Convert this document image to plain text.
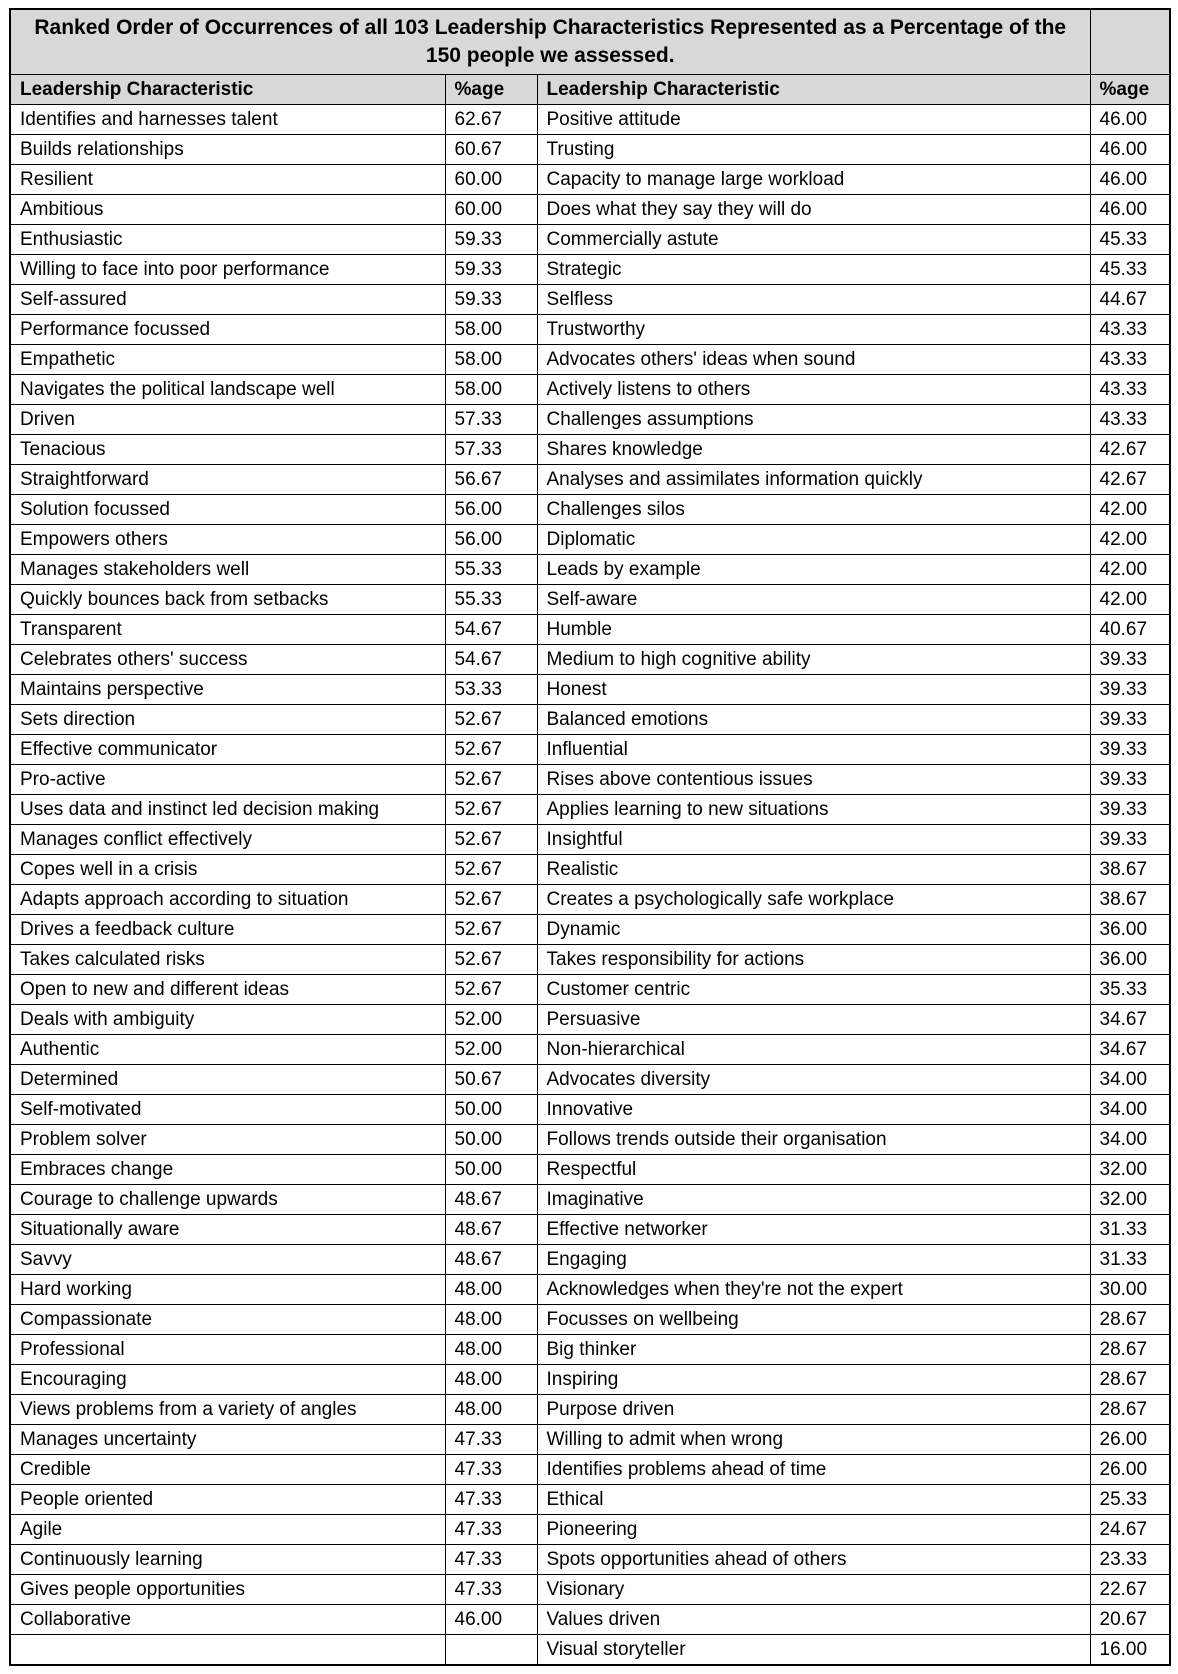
Ranked Order of Occurrences of all 103 Leadership Characteristics Represented as a Percentage of the 150 people we assessed.			
Leadership Characteristic	%age	Leadership Characteristic	%age
Identifies and harnesses talent	62.67	Positive attitude	46.00
Builds relationships	60.67	Trusting	46.00
Resilient	60.00	Capacity to manage large workload	46.00
Ambitious	60.00	Does what they say they will do	46.00
Enthusiastic	59.33	Commercially astute	45.33
Willing to face into poor performance	59.33	Strategic	45.33
Self-assured	59.33	Selfless	44.67
Performance focussed	58.00	Trustworthy	43.33
Empathetic	58.00	Advocates others' ideas when sound	43.33
Navigates the political landscape well	58.00	Actively listens to others	43.33
Driven	57.33	Challenges assumptions	43.33
Tenacious	57.33	Shares knowledge	42.67
Straightforward	56.67	Analyses and assimilates information quickly	42.67
Solution focussed	56.00	Challenges silos	42.00
Empowers others	56.00	Diplomatic	42.00
Manages stakeholders well	55.33	Leads by example	42.00
Quickly bounces back from setbacks	55.33	Self-aware	42.00
Transparent	54.67	Humble	40.67
Celebrates others' success	54.67	Medium to high cognitive ability	39.33
Maintains perspective	53.33	Honest	39.33
Sets direction	52.67	Balanced emotions	39.33
Effective communicator	52.67	Influential	39.33
Pro-active	52.67	Rises above contentious issues	39.33
Uses data and instinct led decision making	52.67	Applies learning to new situations	39.33
Manages conflict effectively	52.67	Insightful	39.33
Copes well in a crisis	52.67	Realistic	38.67
Adapts approach according to situation	52.67	Creates a psychologically safe workplace	38.67
Drives a feedback culture	52.67	Dynamic	36.00
Takes calculated risks	52.67	Takes responsibility for actions	36.00
Open to new and different ideas	52.67	Customer centric	35.33
Deals with ambiguity	52.00	Persuasive	34.67
Authentic	52.00	Non-hierarchical	34.67
Determined	50.67	Advocates diversity	34.00
Self-motivated	50.00	Innovative	34.00
Problem solver	50.00	Follows trends outside their organisation	34.00
Embraces change	50.00	Respectful	32.00
Courage to challenge upwards	48.67	Imaginative	32.00
Situationally aware	48.67	Effective networker	31.33
Savvy	48.67	Engaging	31.33
Hard working	48.00	Acknowledges when they're not the expert	30.00
Compassionate	48.00	Focusses on wellbeing	28.67
Professional	48.00	Big thinker	28.67
Encouraging	48.00	Inspiring	28.67
Views problems from a variety of angles	48.00	Purpose driven	28.67
Manages uncertainty	47.33	Willing to admit when wrong	26.00
Credible	47.33	Identifies problems ahead of time	26.00
People oriented	47.33	Ethical	25.33
Agile	47.33	Pioneering	24.67
Continuously learning	47.33	Spots opportunities ahead of others	23.33
Gives people opportunities	47.33	Visionary	22.67
Collaborative	46.00	Values driven	20.67
		Visual storyteller	16.00
